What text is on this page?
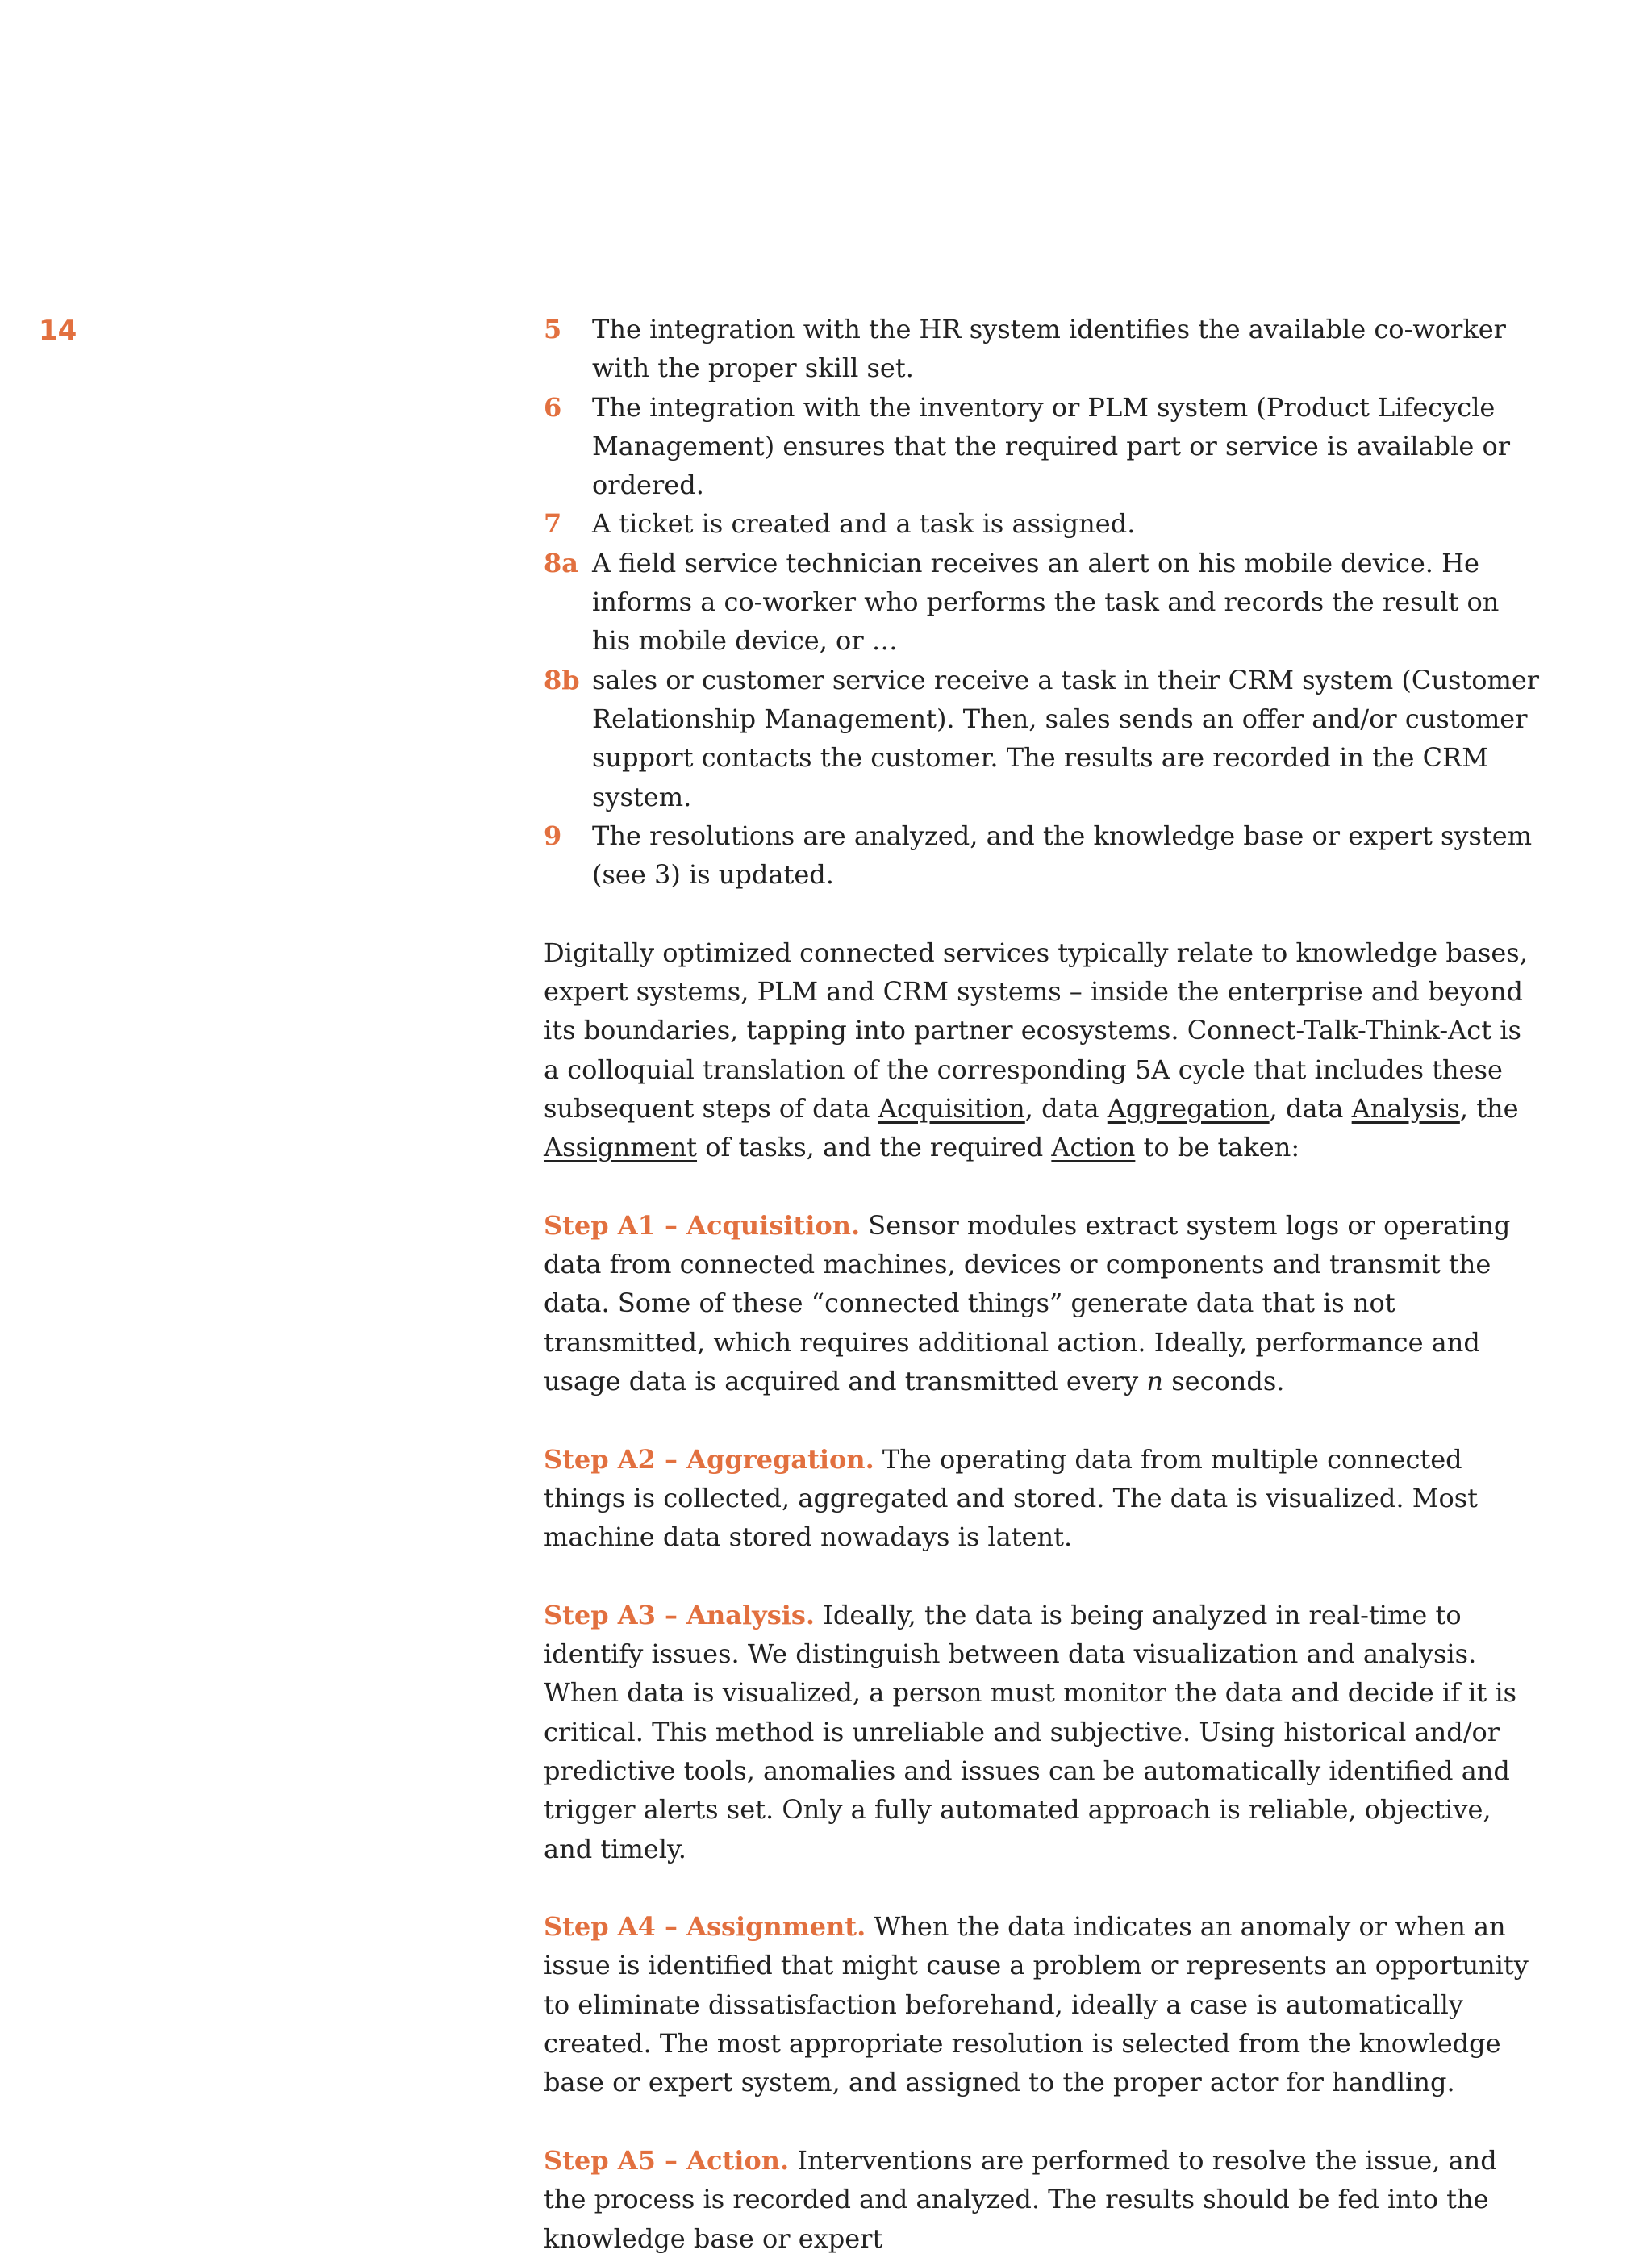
14	5	The integration with the HR system identifies the available co-worker with the proper skill set.
6	The integration with the inventory or PLM system (Product Lifecycle Management) ensures that the required part or service is available or ordered.
7	A ticket is created and a task is assigned.
8a A field service technician receives an alert on his mobile device. He informs a co-worker who performs the task and records the result on his mobile device, or …
8b sales or customer service receive a task in their CRM system (Customer Relationship Management). Then, sales sends an offer and/or customer support contacts the customer. The results are recorded in the CRM system.
9	The resolutions are analyzed, and the knowledge base or expert system (see 3) is updated.

Digitally optimized connected services typically relate to knowledge bases, expert systems, PLM and CRM systems – inside the enterprise and beyond its boundaries, tapping into partner ecosystems. Connect-Talk-Think-Act is a colloquial translation of the corresponding 5A cycle that includes these subsequent steps of data Acquisition, data Aggregation, data Analysis, the Assignment of tasks, and the required Action to be taken:

Step A1 – Acquisition. Sensor modules extract system logs or operating data from connected machines, devices or components and transmit the data. Some of these “connected things” generate data that is not transmitted, which requires additional action. Ideally, performance and usage data is acquired and transmitted every n seconds.

Step A2 – Aggregation. The operating data from multiple connected things is collected, aggregated and stored. The data is visualized. Most machine data stored nowadays is latent.

Step A3 – Analysis. Ideally, the data is being analyzed in real-time to identify issues. We distinguish between data visualization and analysis. When data is visualized, a person must monitor the data and decide if it is critical. This method is unreliable and subjective. Using historical and/or predictive tools, anomalies and issues can be automatically identified and trigger alerts set. Only a fully automated approach is reliable, objective, and timely.

Step A4 – Assignment. When the data indicates an anomaly or when an issue is identified that might cause a problem or represents an opportunity to eliminate dissatisfaction beforehand, ideally a case is automatically created. The most appropriate resolution is selected from the knowledge base or expert system, and assigned to the proper actor for handling.

Step A5 – Action. Interventions are performed to resolve the issue, and the process is recorded and analyzed. The results should be fed into the knowledge base or expert
